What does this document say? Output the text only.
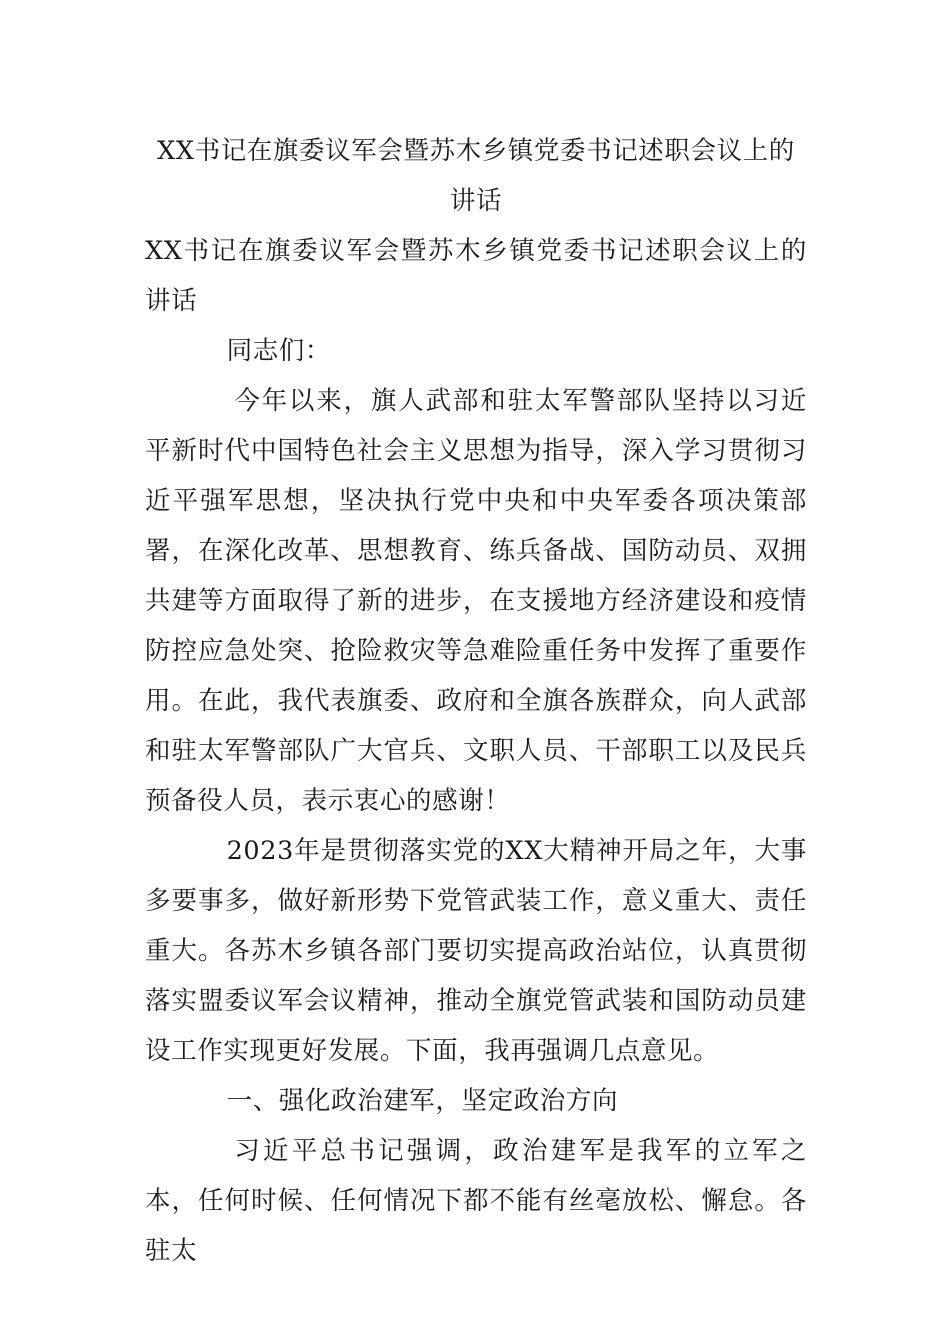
XX书记在旗委议军会暨苏木乡镇党委书记述职会议上的讲话

XX书记在旗委议军会暨苏木乡镇党委书记述职会议上的讲话

同志们：

今年以来，旗人武部和驻太军警部队坚持以习近平新时代中国特色社会主义思想为指导，深入学习贯彻习近平强军思想，坚决执行党中央和中央军委各项决策部署，在深化改革、思想教育、练兵备战、国防动员、双拥共建等方面取得了新的进步，在支援地方经济建设和疫情防控应急处突、抢险救灾等急难险重任务中发挥了重要作用。在此，我代表旗委、政府和全旗各族群众，向人武部和驻太军警部队广大官兵、文职人员、干部职工以及民兵预备役人员，表示衷心的感谢！

2023年是贯彻落实党的XX大精神开局之年，大事多要事多，做好新形势下党管武装工作，意义重大、责任重大。各苏木乡镇各部门要切实提高政治站位，认真贯彻落实盟委议军会议精神，推动全旗党管武装和国防动员建设工作实现更好发展。下面，我再强调几点意见。

一、强化政治建军，坚定政治方向

习近平总书记强调，政治建军是我军的立军之本，任何时候、任何情况下都不能有丝毫放松、懈怠。各驻太
